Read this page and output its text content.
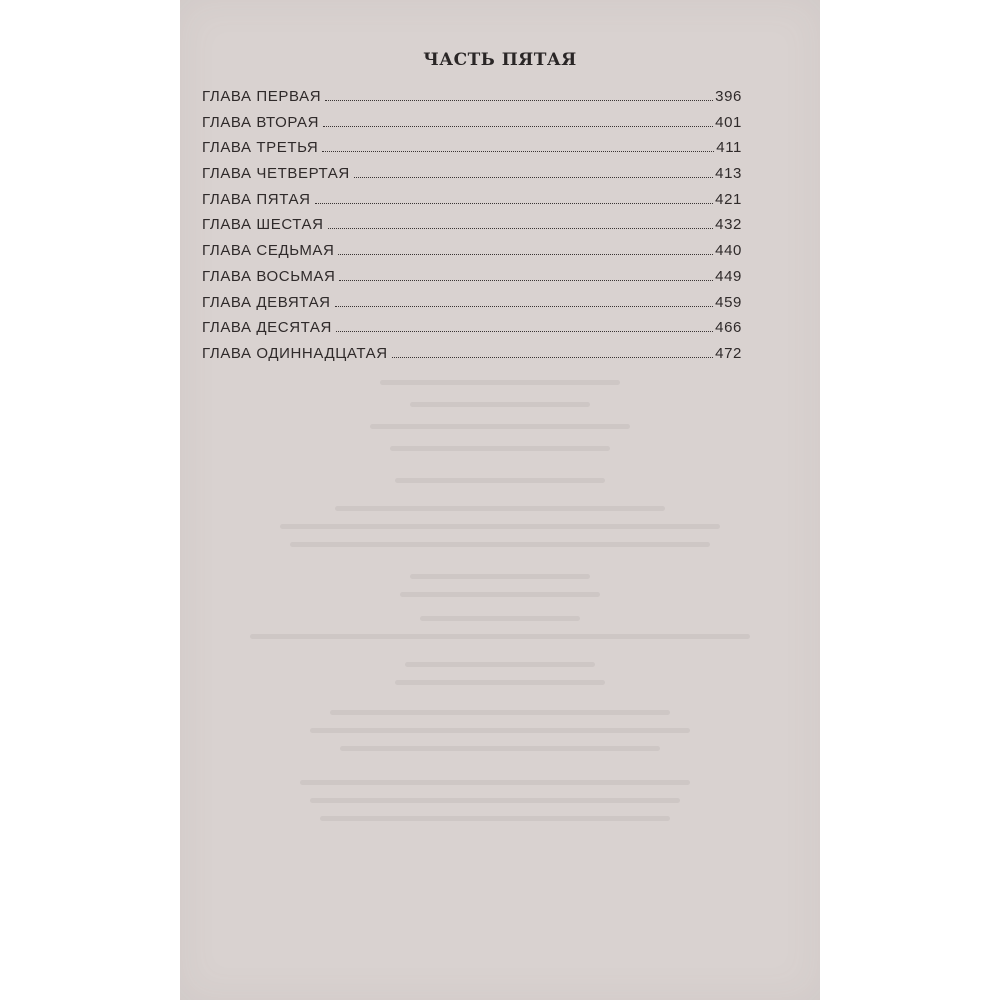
ЧАСТЬ ПЯТАЯ
ГЛАВА ПЕРВАЯ	396
ГЛАВА ВТОРАЯ	401
ГЛАВА ТРЕТЬЯ	411
ГЛАВА ЧЕТВЕРТАЯ	413
ГЛАВА ПЯТАЯ	421
ГЛАВА ШЕСТАЯ	432
ГЛАВА СЕДЬМАЯ	440
ГЛАВА ВОСЬМАЯ	449
ГЛАВА ДЕВЯТАЯ	459
ГЛАВА ДЕСЯТАЯ	466
ГЛАВА ОДИННАДЦАТАЯ	472
